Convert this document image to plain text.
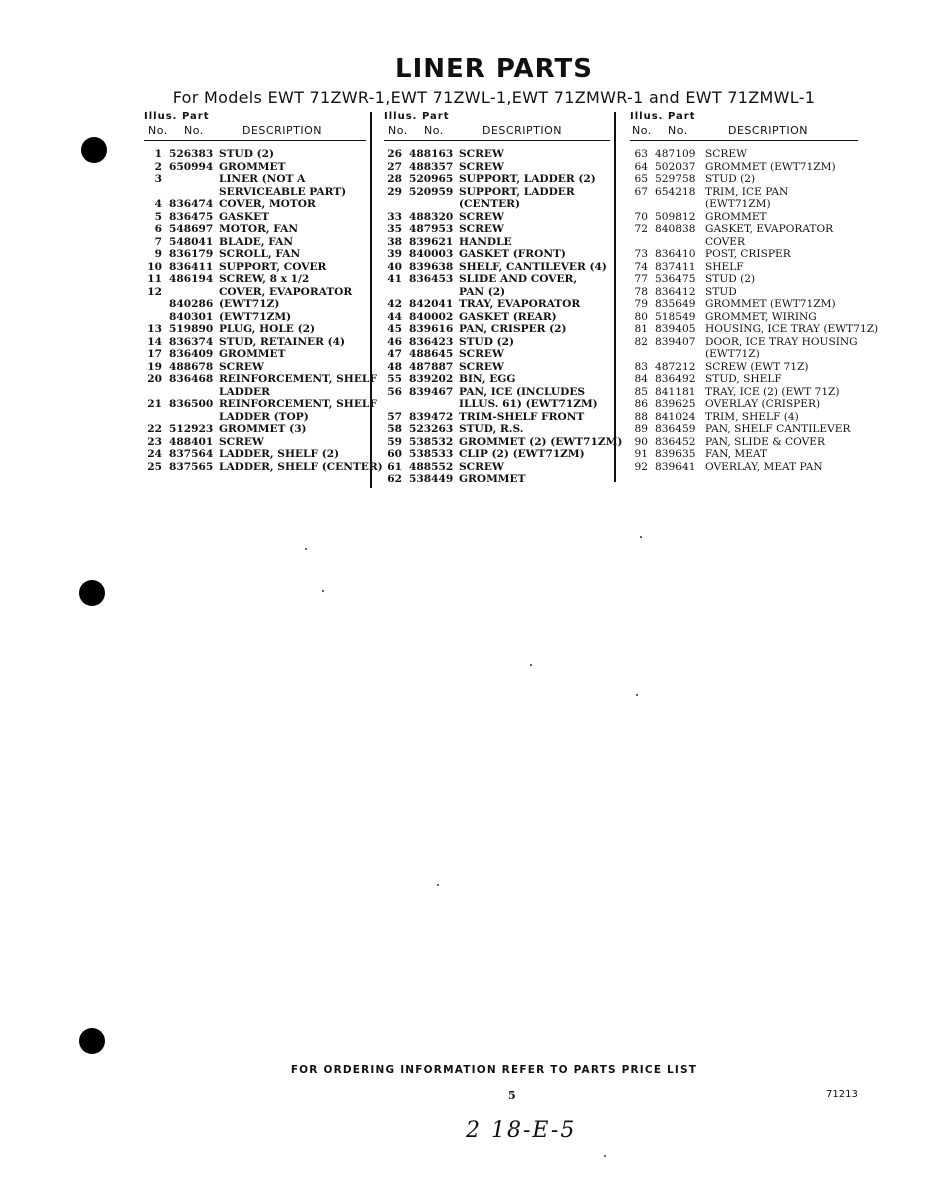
LINER PARTS
For Models EWT 71ZWR-1,EWT 71ZWL-1,EWT 71ZMWR-1 and EWT 71ZMWL-1
Illus. Part
No. No.	DESCRIPTION
1 526383 STUD (2)
2 650994 GROMMET
3	LINER (NOT A
SERVICEABLE PART)
4 836474 COVER, MOTOR
5 836475 GASKET
6 548697 MOTOR, FAN
7 548041 BLADE, FAN
9 836179 SCROLL, FAN
10 836411 SUPPORT, COVER
11 486194 SCREW, 8 x 1/2
12	COVER, EVAPORATOR
840286 (EWT71Z)
840301 (EWT71ZM)
13 519890 PLUG, HOLE (2)
14 836374 STUD, RETAINER (4)
17 836409 GROMMET
19 488678 SCREW
20 836468 REINFORCEMENT, SHELF
LADDER
21 836500 REINFORCEMENT, SHELF
LADDER (TOP)
22 512923 GROMMET (3)
23 488401 SCREW
24 837564 LADDER, SHELF (2)
25 837565 LADDER, SHELF (CENTER)
Illus. Part
No. No.	DESCRIPTION
26 488163 SCREW
27 488357 SCREW
28 520965 SUPPORT, LADDER (2)
29 520959 SUPPORT, LADDER
(CENTER)
33 488320 SCREW
35 487953 SCREW
38 839621 HANDLE
39 840003 GASKET (FRONT)
40 839638 SHELF, CANTILEVER (4)
41 836453 SLIDE AND COVER,
PAN (2)
42 842041 TRAY, EVAPORATOR
44 840002 GASKET (REAR)
45 839616 PAN, CRISPER (2)
46 836423 STUD (2)
47 488645 SCREW
48 487887 SCREW
55 839202 BIN, EGG
56 839467 PAN, ICE (INCLUDES
ILLUS. 61) (EWT71ZM)
57 839472 TRIM-SHELF FRONT
58 523263 STUD, R.S.
59 538532 GROMMET (2) (EWT71ZM)
60 538533 CLIP (2) (EWT71ZM)
61 488552 SCREW
62 538449 GROMMET
Illus. Part
No. No.	DESCRIPTION
63 487109 SCREW
64 502037 GROMMET (EWT71ZM)
65 529758 STUD (2)
67 654218 TRIM, ICE PAN
(EWT71ZM)
70 509812 GROMMET
72 840838 GASKET, EVAPORATOR
COVER
73 836410 POST, CRISPER
74 837411 SHELF
77 536475 STUD (2)
78 836412 STUD
79 835649 GROMMET (EWT71ZM)
80 518549 GROMMET, WIRING
81 839405 HOUSING, ICE TRAY (EWT71Z)
82 839407 DOOR, ICE TRAY HOUSING
(EWT71Z)
83 487212 SCREW (EWT 71Z)
84 836492 STUD, SHELF
85 841181 TRAY, ICE (2) (EWT 71Z)
86 839625 OVERLAY (CRISPER)
88 841024 TRIM, SHELF (4)
89 836459 PAN, SHELF CANTILEVER
90 836452 PAN, SLIDE & COVER
91 839635 FAN, MEAT
92 839641 OVERLAY, MEAT PAN
FOR ORDERING INFORMATION REFER TO PARTS PRICE LIST
5	71213
2 18-E-5
